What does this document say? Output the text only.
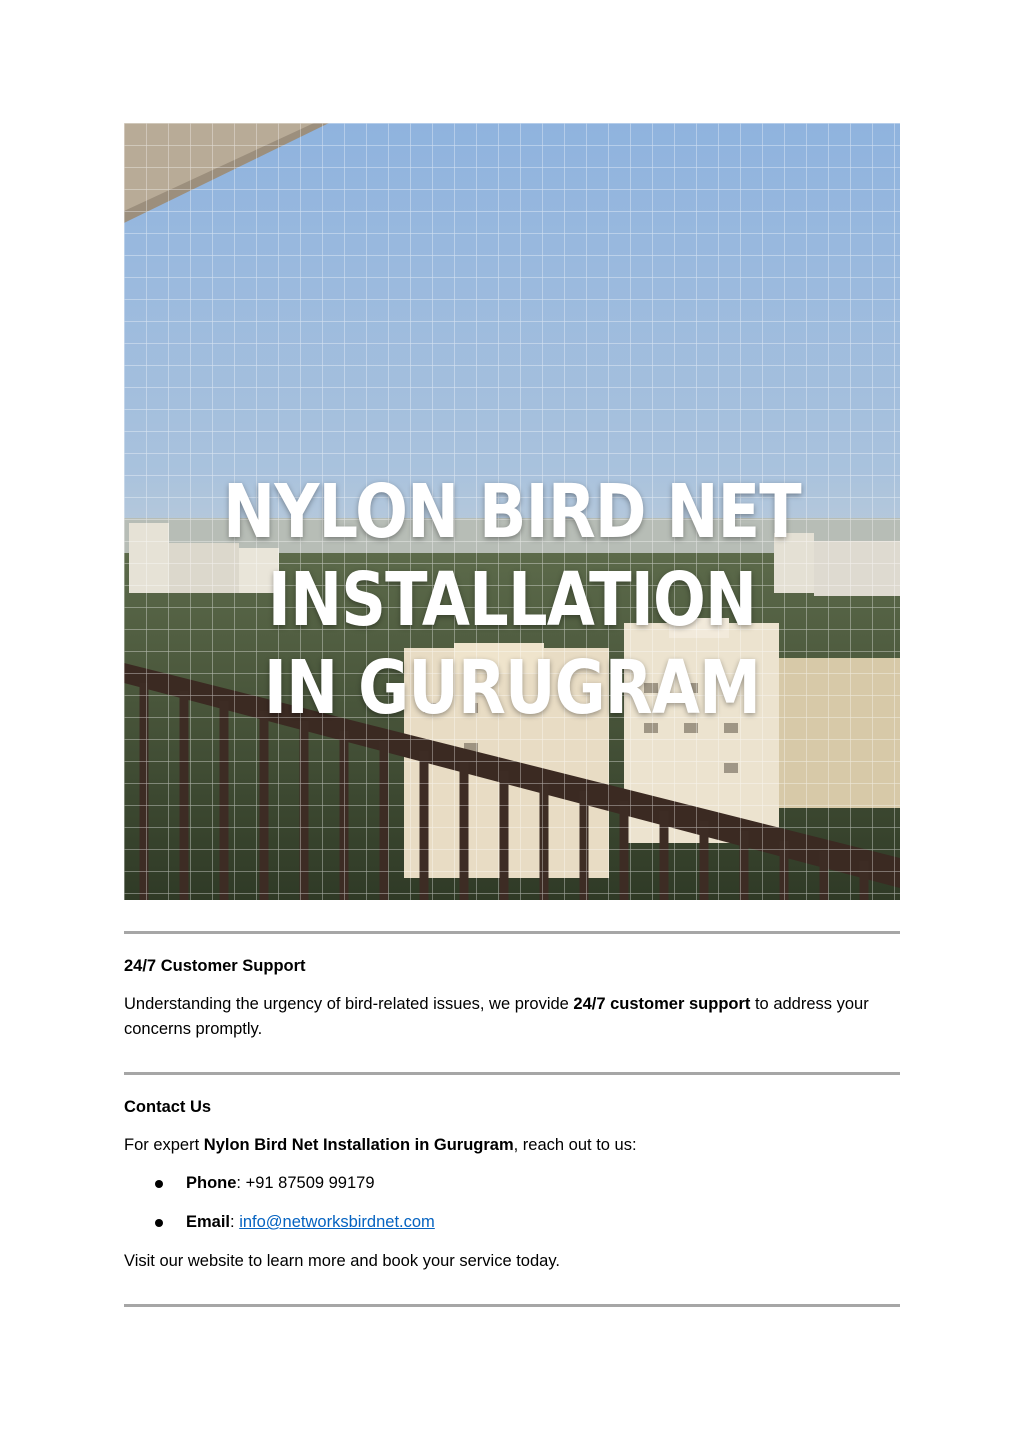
NYLON BIRD NET
INSTALLATION
IN GURUGRAM
24/7 Customer Support
Understanding the urgency of bird-related issues, we provide 24/7 customer support to address your
concerns promptly.
Contact Us
For expert Nylon Bird Net Installation in Gurugram, reach out to us:
Phone: +91 87509 99179
Email: info@networksbirdnet.com
Visit our website to learn more and book your service today.
